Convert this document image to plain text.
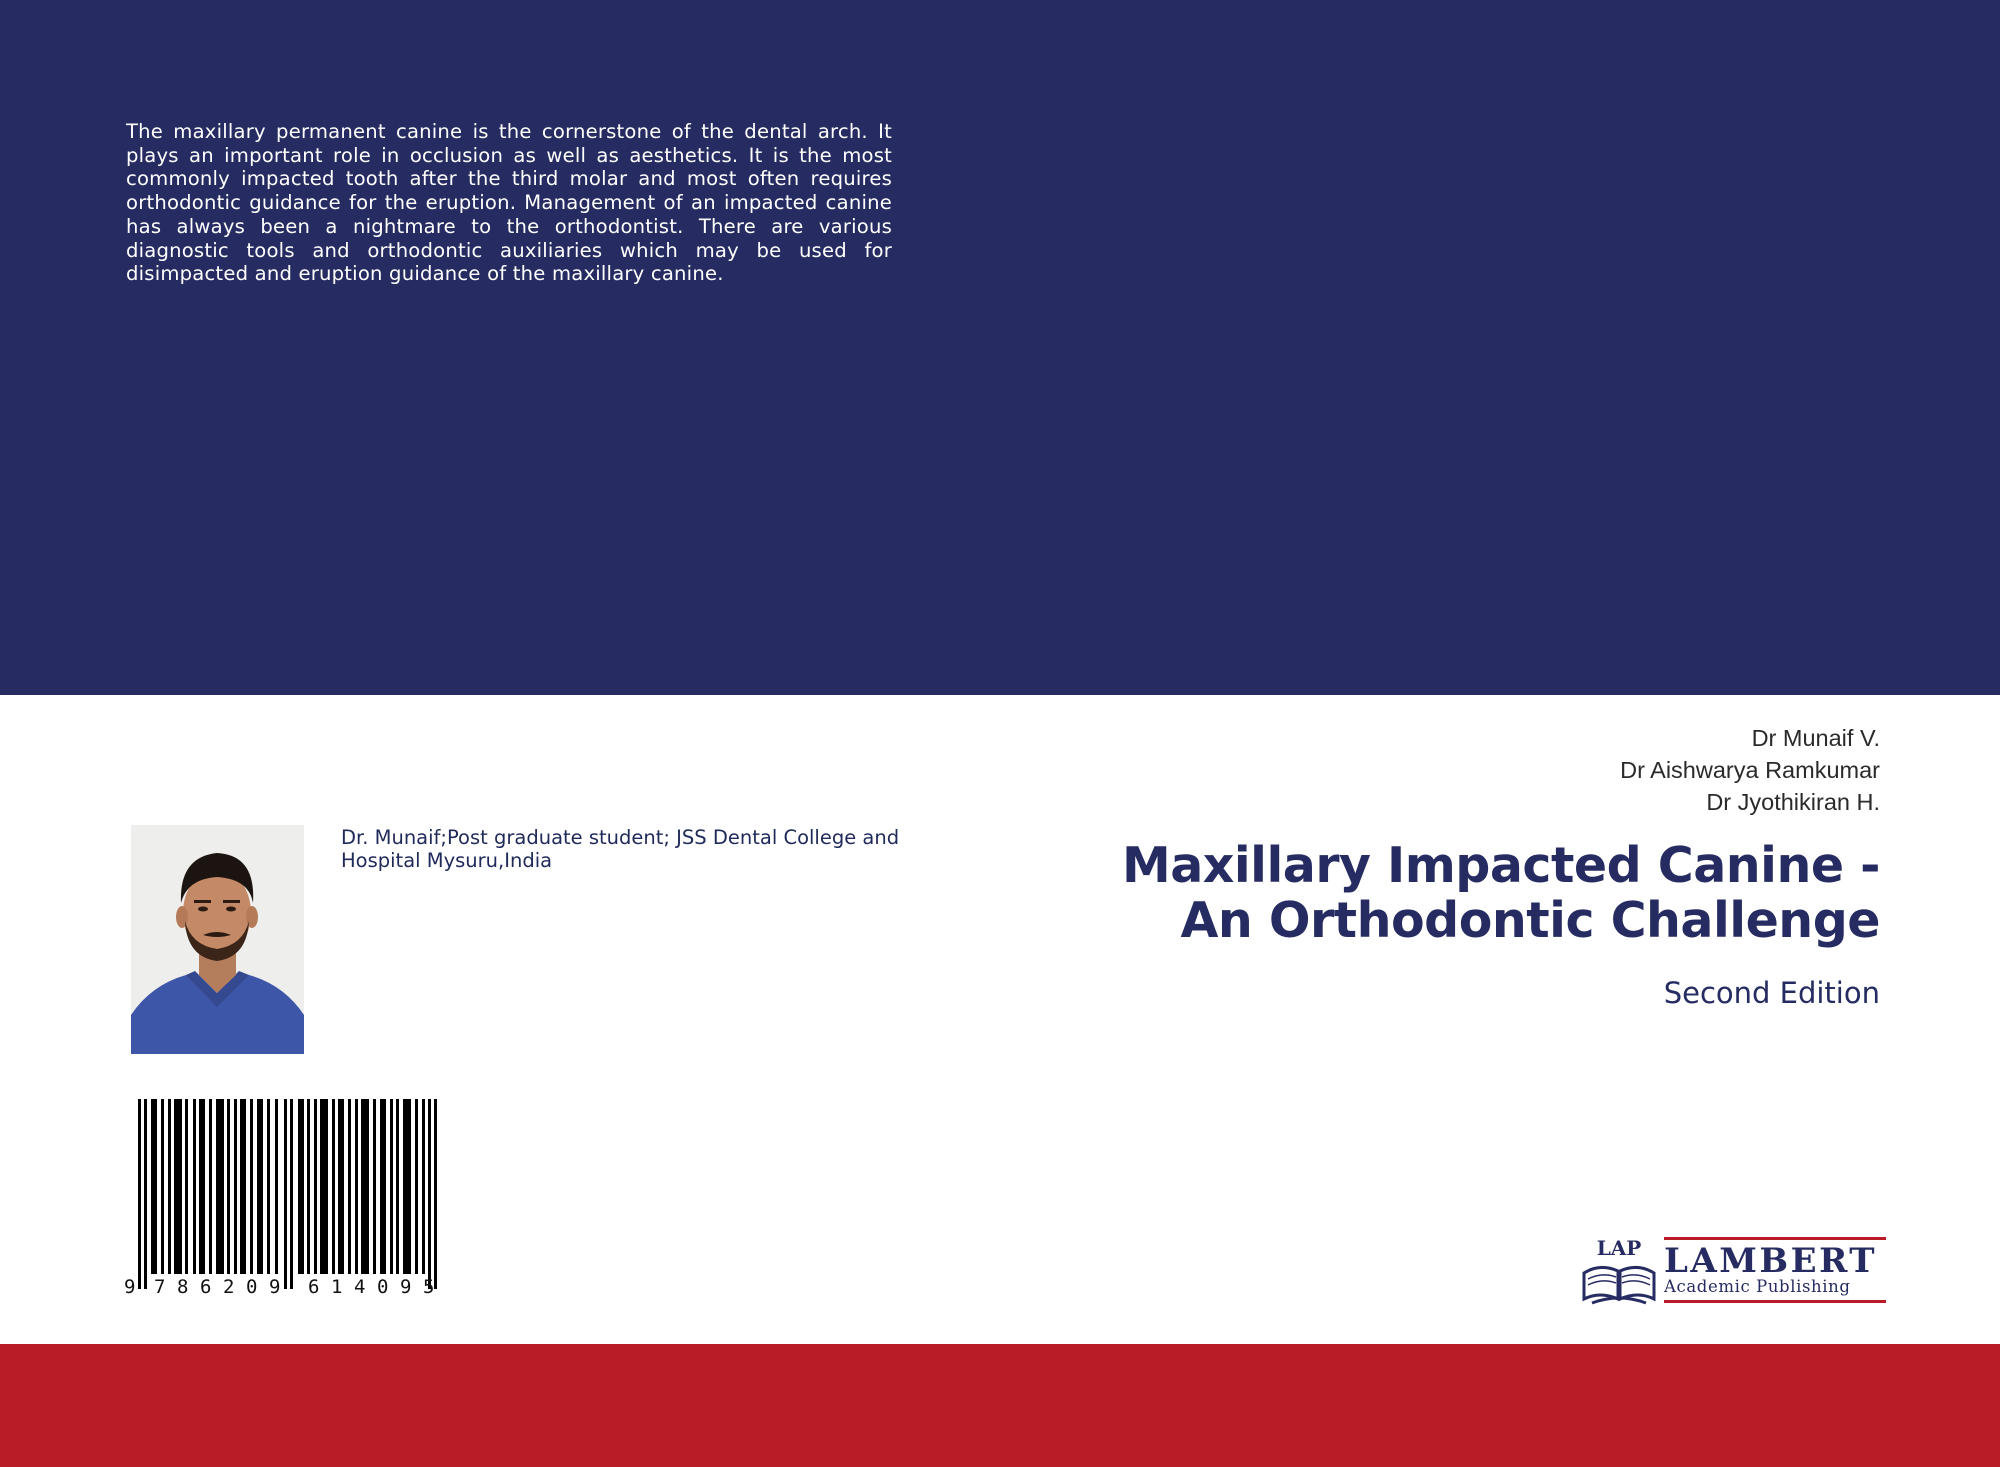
The maxillary permanent canine is the cornerstone of the dental arch. It plays an important role in occlusion as well as aesthetics. It is the most commonly impacted tooth after the third molar and most often requires orthodontic guidance for the eruption. Management of an impacted canine has always been a nightmare to the orthodontist. There are various diagnostic tools and orthodontic auxiliaries which may be used for disimpacted and eruption guidance of the maxillary canine.

Dr Munaif V.
Dr Aishwarya Ramkumar
Dr Jyothikiran H.
Maxillary Impacted Canine -
An Orthodontic Challenge
Second Edition
Dr. Munaif;Post graduate student; JSS Dental College and Hospital Mysuru,India
9 7 8 6 2 0 9 6 1 4 0 9 5
LAP LAMBERT
Academic Publishing
